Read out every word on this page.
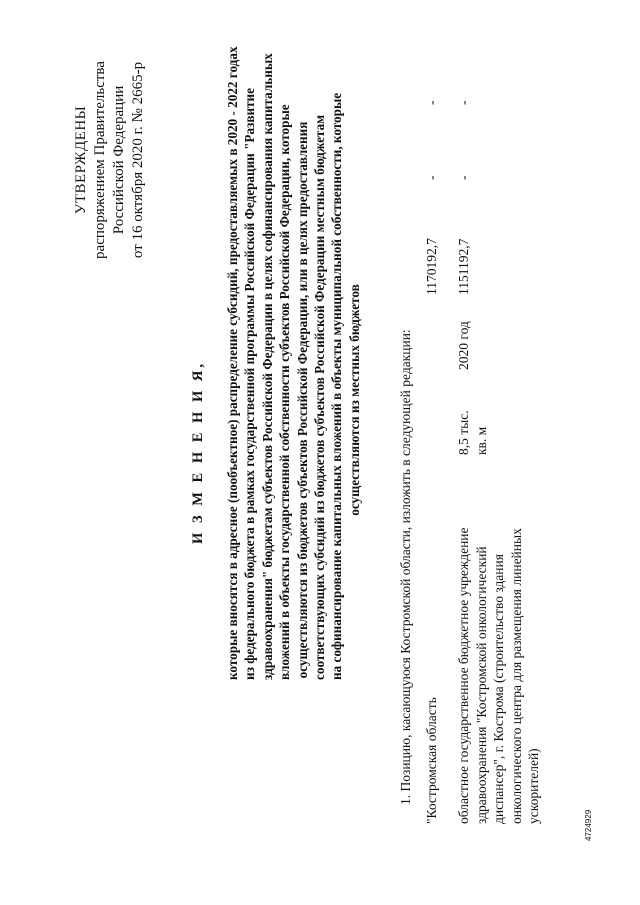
УТВЕРЖДЕНЫ распоряжением Правительства Российской Федерации от 16 октября 2020 г. № 2665-р
И З М Е Н Е Н И Я, которые вносятся в адресное (пообъектное) распределение субсидий, предоставляемых в 2020 - 2022 годах из федерального бюджета в рамках государственной программы Российской Федерации "Развитие здравоохранения" бюджетам субъектов Российской Федерации в целях софинансирования капитальных вложений в объекты государственной собственности субъектов Российской Федерации, которые осуществляются из бюджетов субъектов Российской Федерации, или в целях предоставления соответствующих субсидий из бюджетов субъектов Российской Федерации местным бюджетам на софинансирование капитальных вложений в объекты муниципальной собственности, которые осуществляются из местных бюджетов	1. Позицию, касающуюся Костромской области, изложить в следующей редакции: "Костромская область
1170192,7
-
-
областное государственное бюджетное учреждение здравоохранения "Костромской онкологический диспансер", г. Кострома (строительство здания онкологического центра для размещения линейных ускорителей)
8,5 тыс. кв. м
2020 год
1151192,7
-
-
4724929
